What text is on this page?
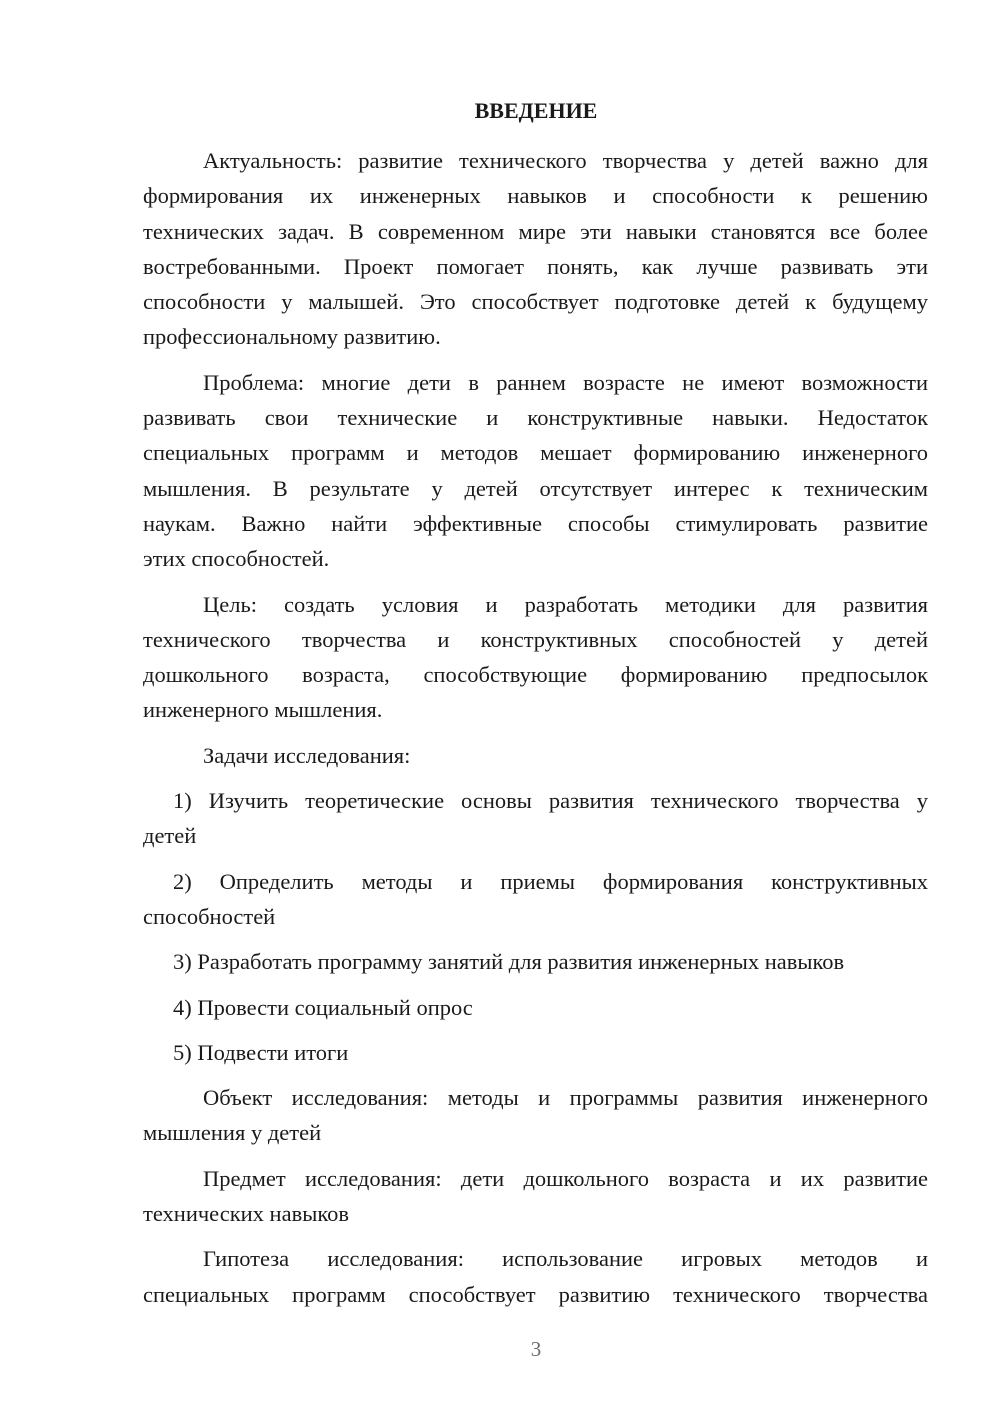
ВВЕДЕНИЕ
Актуальность: развитие технического творчества у детей важно для
формирования их инженерных навыков и способности к решению
технических задач. В современном мире эти навыки становятся все более
востребованными. Проект помогает понять, как лучше развивать эти
способности у малышей. Это способствует подготовке детей к будущему
профессиональному развитию.
Проблема: многие дети в раннем возрасте не имеют возможности
развивать свои технические и конструктивные навыки. Недостаток
специальных программ и методов мешает формированию инженерного
мышления. В результате у детей отсутствует интерес к техническим
наукам. Важно найти эффективные способы стимулировать развитие
этих способностей.
Цель: создать условия и разработать методики для развития
технического творчества и конструктивных способностей у детей
дошкольного возраста, способствующие формированию предпосылок
инженерного мышления.
Задачи исследования:
1) Изучить теоретические основы развития технического творчества у
детей
2) Определить методы и приемы формирования конструктивных
способностей
3) Разработать программу занятий для развития инженерных навыков
4) Провести социальный опрос
5) Подвести итоги
Объект исследования: методы и программы развития инженерного
мышления у детей
Предмет исследования: дети дошкольного возраста и их развитие
технических навыков
Гипотеза исследования: использование игровых методов и
специальных программ способствует развитию технического творчества
3
